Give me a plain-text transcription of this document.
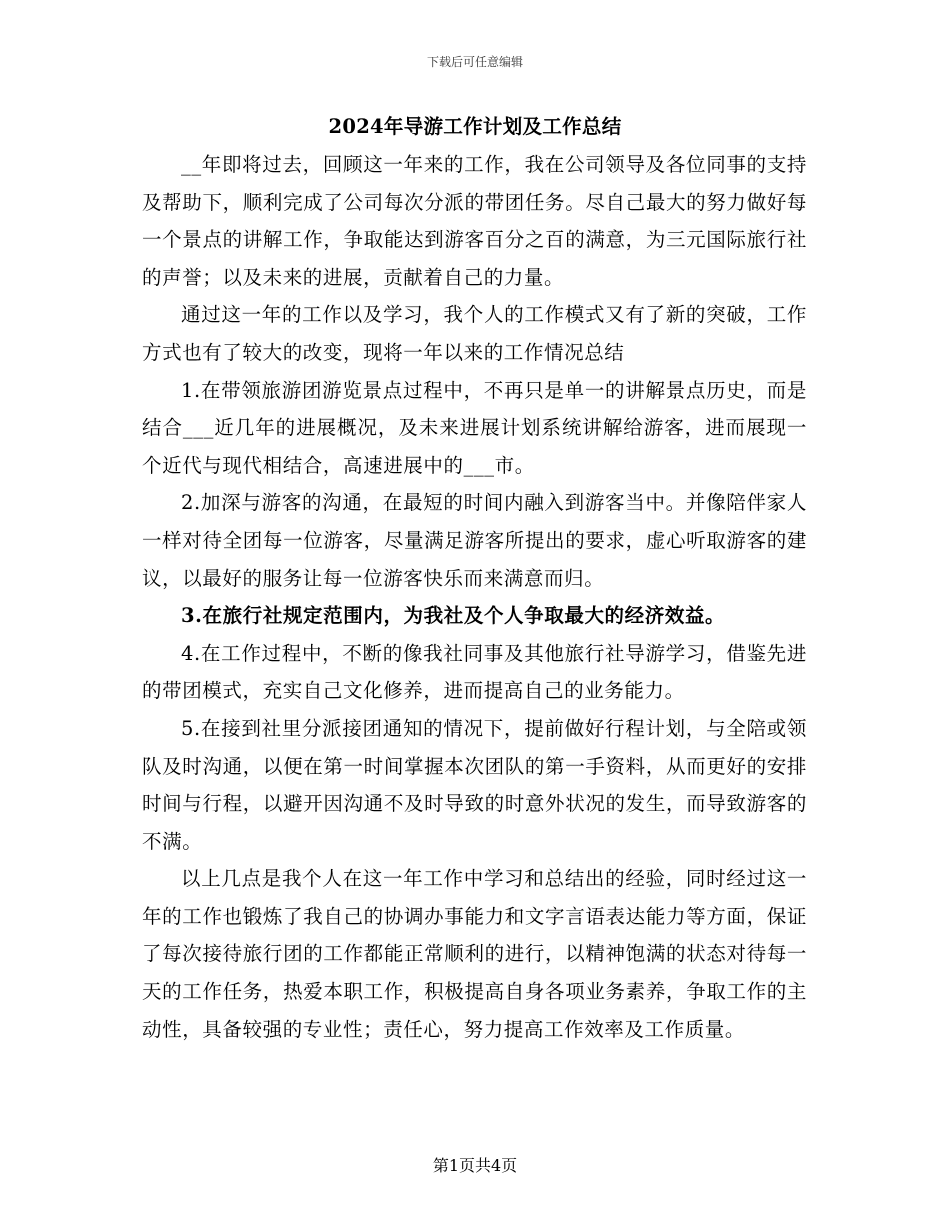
下载后可任意编辑
2024年导游工作计划及工作总结

__年即将过去，回顾这一年来的工作，我在公司领导及各位同事的支持及帮助下，顺利完成了公司每次分派的带团任务。尽自己最大的努力做好每一个景点的讲解工作，争取能达到游客百分之百的满意，为三元国际旅行社的声誉；以及未来的进展，贡献着自己的力量。

通过这一年的工作以及学习，我个人的工作模式又有了新的突破，工作方式也有了较大的改变，现将一年以来的工作情况总结

1.在带领旅游团游览景点过程中，不再只是单一的讲解景点历史，而是结合___近几年的进展概况，及未来进展计划系统讲解给游客，进而展现一个近代与现代相结合，高速进展中的___市。

2.加深与游客的沟通，在最短的时间内融入到游客当中。并像陪伴家人一样对待全团每一位游客，尽量满足游客所提出的要求，虚心听取游客的建议，以最好的服务让每一位游客快乐而来满意而归。

3.在旅行社规定范围内，为我社及个人争取最大的经济效益。

4.在工作过程中，不断的像我社同事及其他旅行社导游学习，借鉴先进的带团模式，充实自己文化修养，进而提高自己的业务能力。

5.在接到社里分派接团通知的情况下，提前做好行程计划，与全陪或领队及时沟通，以便在第一时间掌握本次团队的第一手资料，从而更好的安排时间与行程，以避开因沟通不及时导致的时意外状况的发生，而导致游客的不满。

以上几点是我个人在这一年工作中学习和总结出的经验，同时经过这一年的工作也锻炼了我自己的协调办事能力和文字言语表达能力等方面，保证了每次接待旅行团的工作都能正常顺利的进行，以精神饱满的状态对待每一天的工作任务，热爱本职工作，积极提高自身各项业务素养，争取工作的主动性，具备较强的专业性；责任心，努力提高工作效率及工作质量。

第1页共4页
